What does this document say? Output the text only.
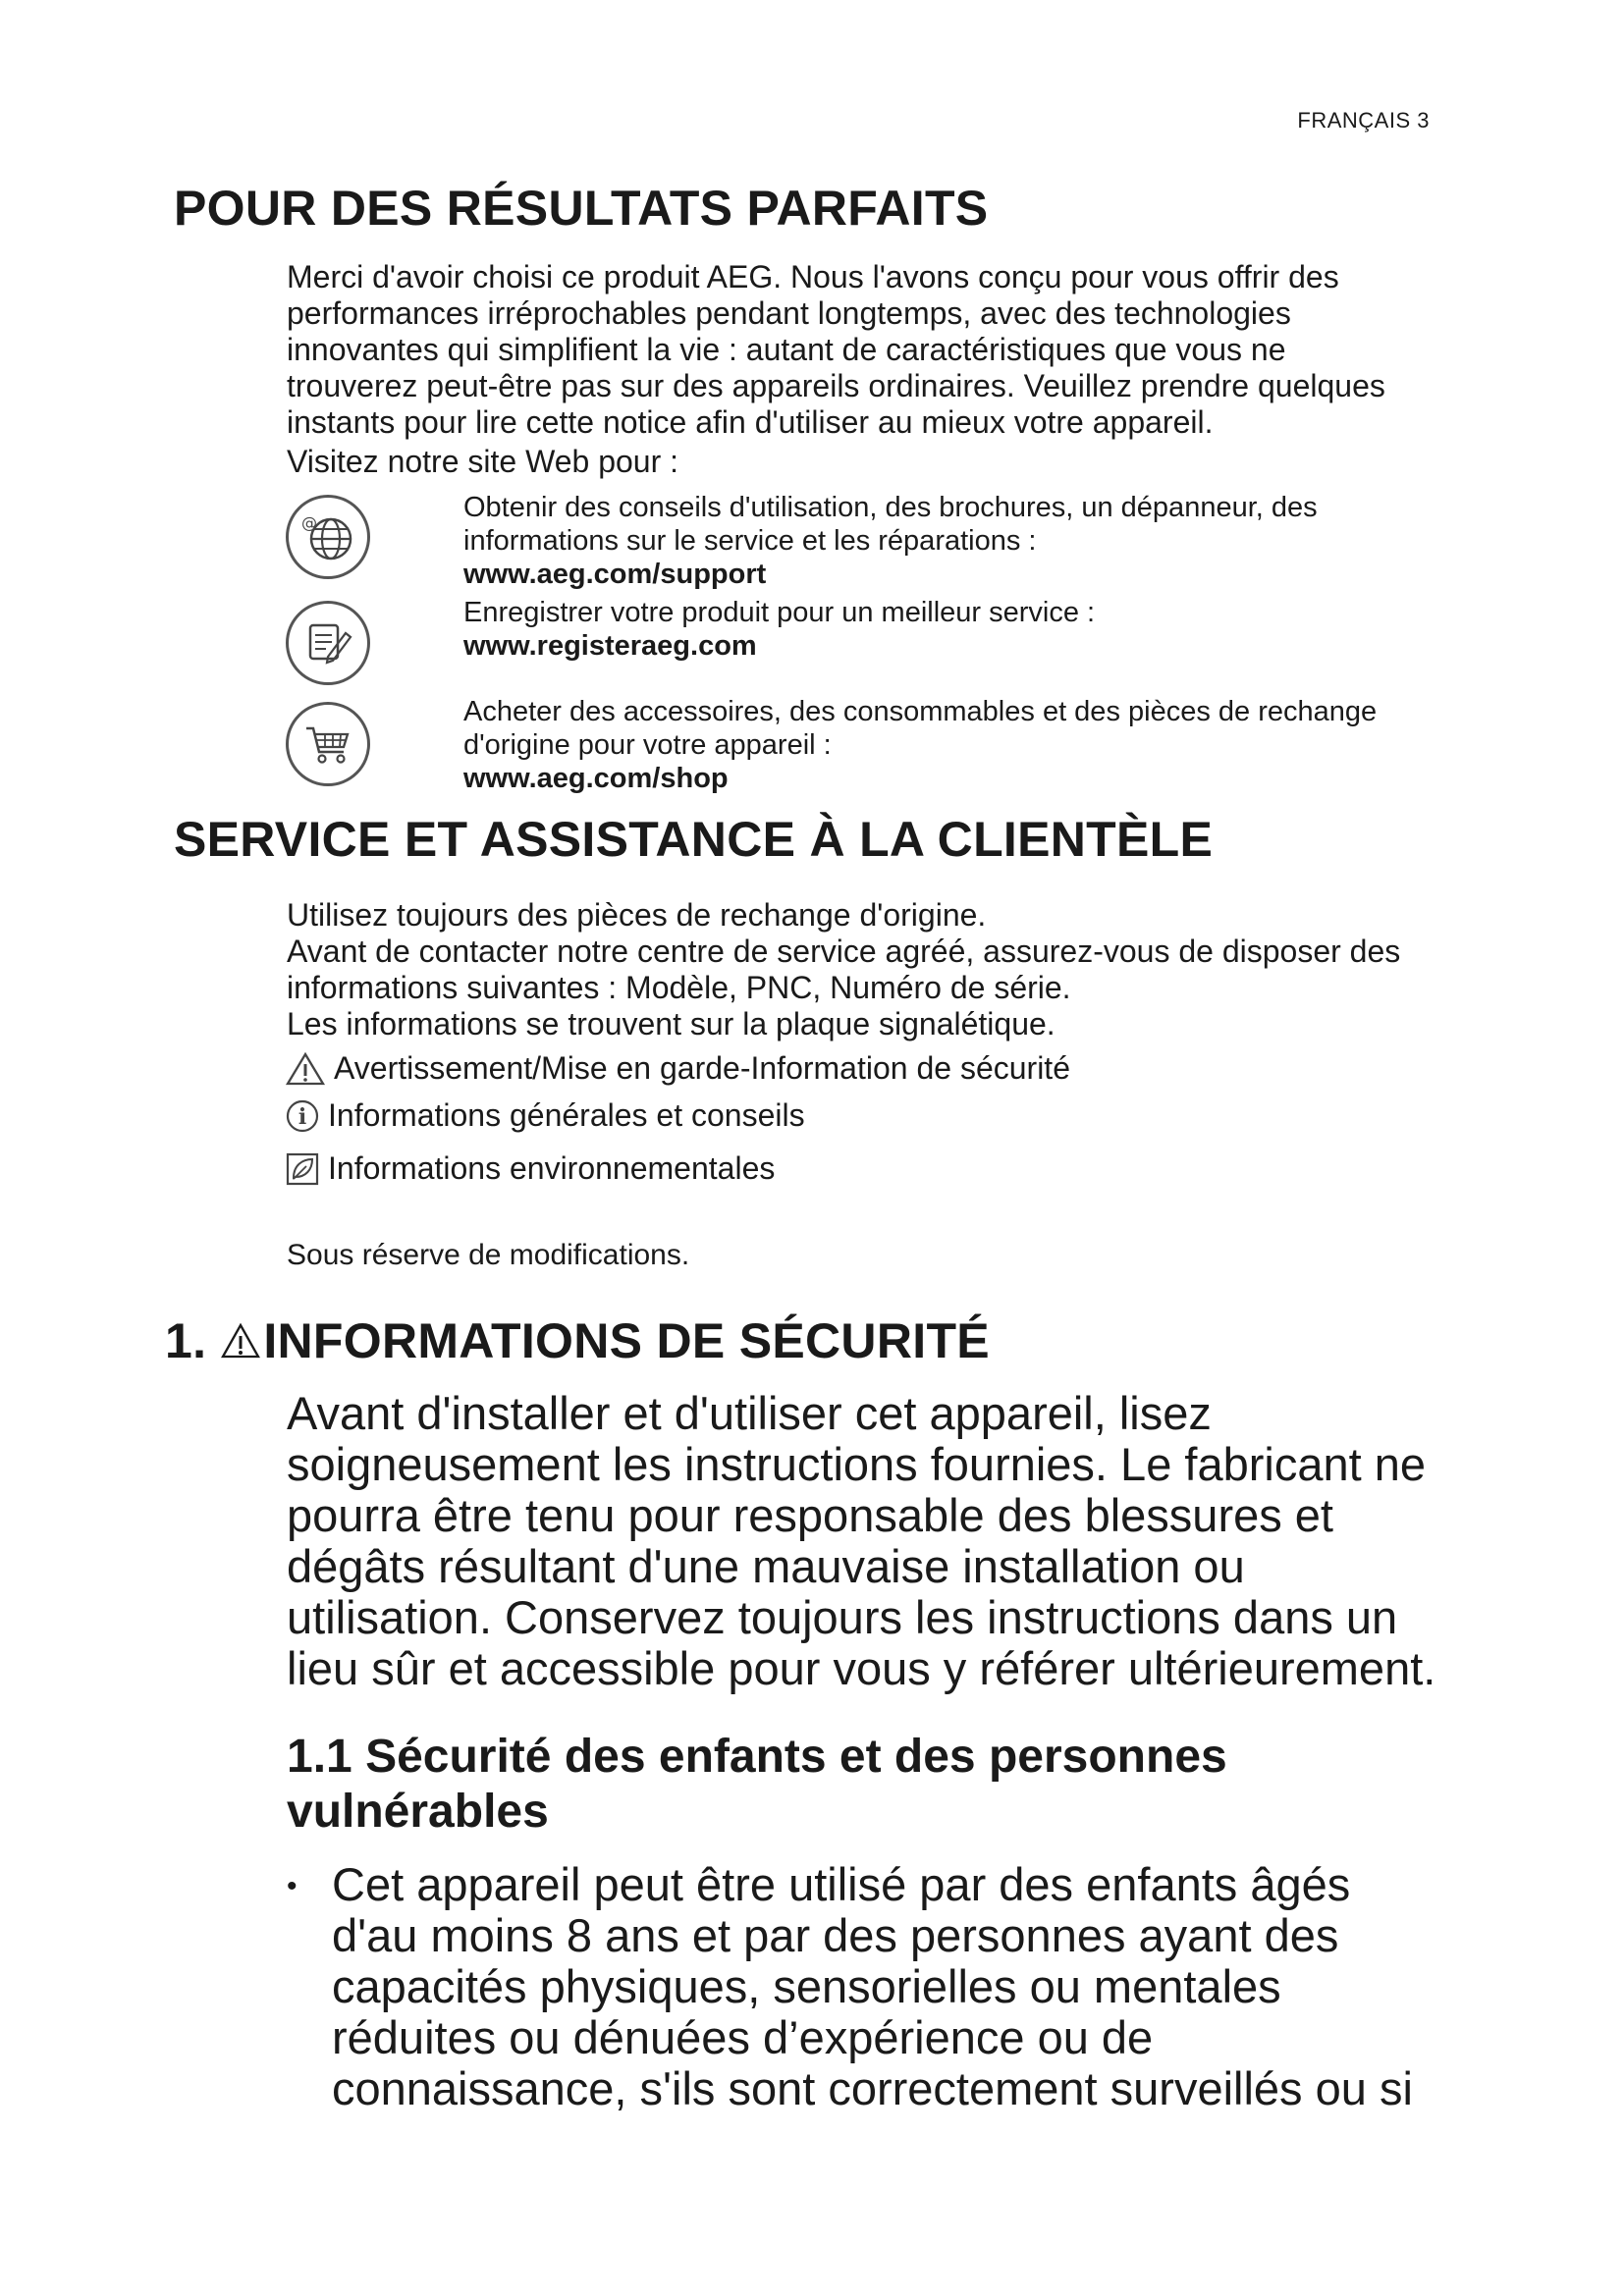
FRANÇAIS 3
POUR DES RÉSULTATS PARFAITS
Merci d'avoir choisi ce produit AEG. Nous l'avons conçu pour vous offrir des
performances irréprochables pendant longtemps, avec des technologies
innovantes qui simplifient la vie : autant de caractéristiques que vous ne
trouverez peut-être pas sur des appareils ordinaires. Veuillez prendre quelques
instants pour lire cette notice afin d'utiliser au mieux votre appareil.
Visitez notre site Web pour :
@	Obtenir des conseils d'utilisation, des brochures, un dépanneur, des
informations sur le service et les réparations :
www.aeg.com/support
Enregistrer votre produit pour un meilleur service :
www.registeraeg.com
Acheter des accessoires, des consommables et des pièces de rechange
d'origine pour votre appareil :
www.aeg.com/shop
SERVICE ET ASSISTANCE À LA CLIENTÈLE
Utilisez toujours des pièces de rechange d'origine.
Avant de contacter notre centre de service agréé, assurez-vous de disposer des
informations suivantes : Modèle, PNC, Numéro de série.
Les informations se trouvent sur la plaque signalétique.
Avertissement/Mise en garde-Information de sécurité
i Informations générales et conseils
Informations environnementales
Sous réserve de modifications.
1. INFORMATIONS DE SÉCURITÉ
Avant d'installer et d'utiliser cet appareil, lisez
soigneusement les instructions fournies. Le fabricant ne
pourra être tenu pour responsable des blessures et
dégâts résultant d'une mauvaise installation ou
utilisation. Conservez toujours les instructions dans un
lieu sûr et accessible pour vous y référer ultérieurement.
1.1 Sécurité des enfants et des personnes
vulnérables
• Cet appareil peut être utilisé par des enfants âgés
d'au moins 8 ans et par des personnes ayant des
capacités physiques, sensorielles ou mentales
réduites ou dénuées d’expérience ou de
connaissance, s'ils sont correctement surveillés ou si
